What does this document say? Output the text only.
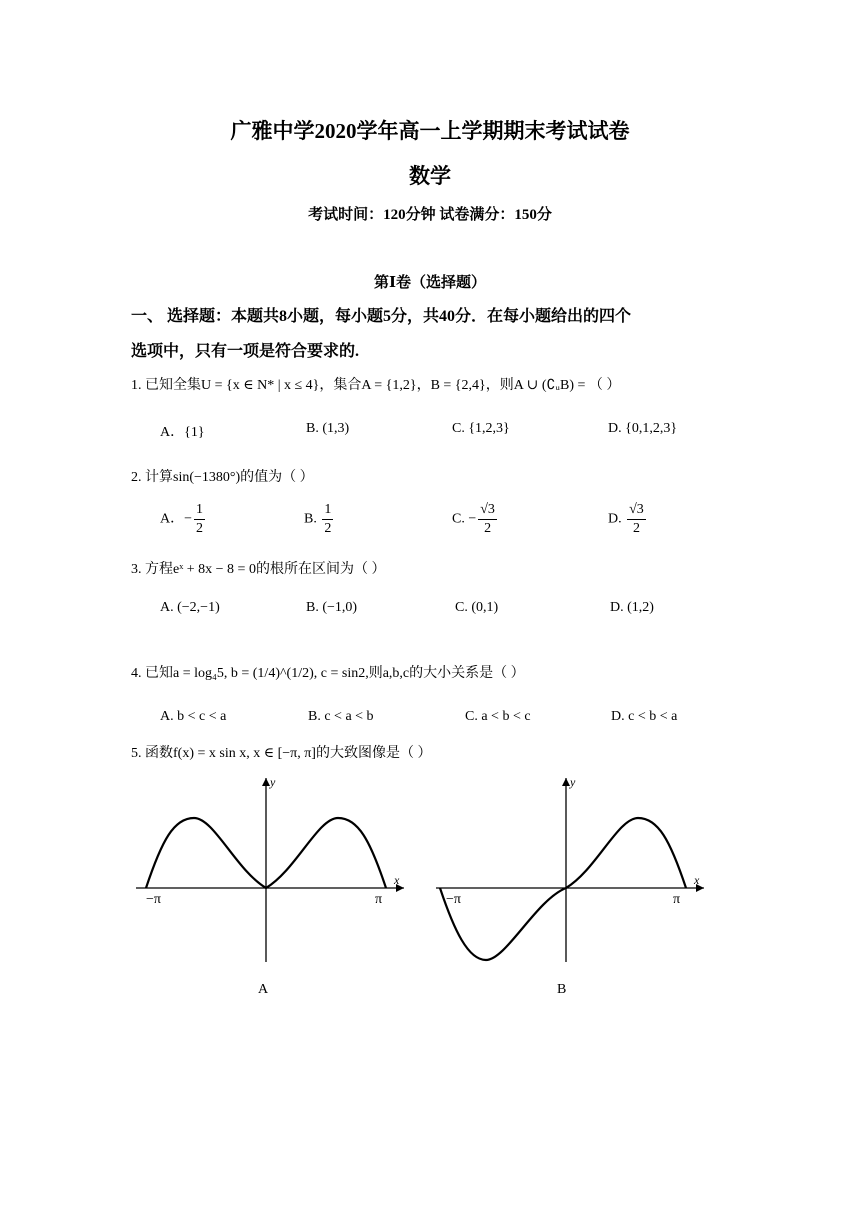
广雅中学2020学年高一上学期期末考试试卷
数学
考试时间：120分钟 试卷满分：150分
第Ⅰ卷（选择题）
一、 选择题：本题共8小题，每小题5分，共40分．在每小题给出的四个
选项中，只有一项是符合要求的.
1. 已知全集U = {x ∈ N* | x ≤ 4}，集合A = {1,2}，B = {2,4}，则A ∪ (∁ᵤB) = （ ）
A．{1}	B. (1,3)	C. {1,2,3}	D. {0,1,2,3}
2. 计算sin(−1380°)的值为（ ）
A．− $\frac{1}{2}$	B. $\frac{1}{2}$	C. − $\frac{√3}{2}$	D. $\frac{√3}{2}$
3. 方程eˣ + 8x − 8 = 0的根所在区间为（ ）
A. (−2,−1)	B. (−1,0)	C. (0,1)	D. (1,2)
4. 已知a = log₄5, b = (1/4)^(1/2), c = sin2,则a,b,c的大小关系是（ ）
A. b < c < a	B. c < a < b	C. a < b < c	D. c < b < a
5. 函数f(x) = x sin x, x ∈ [−π, π]的大致图像是（ ）
x
y
−π	π
A
x
y
−π	π
B
